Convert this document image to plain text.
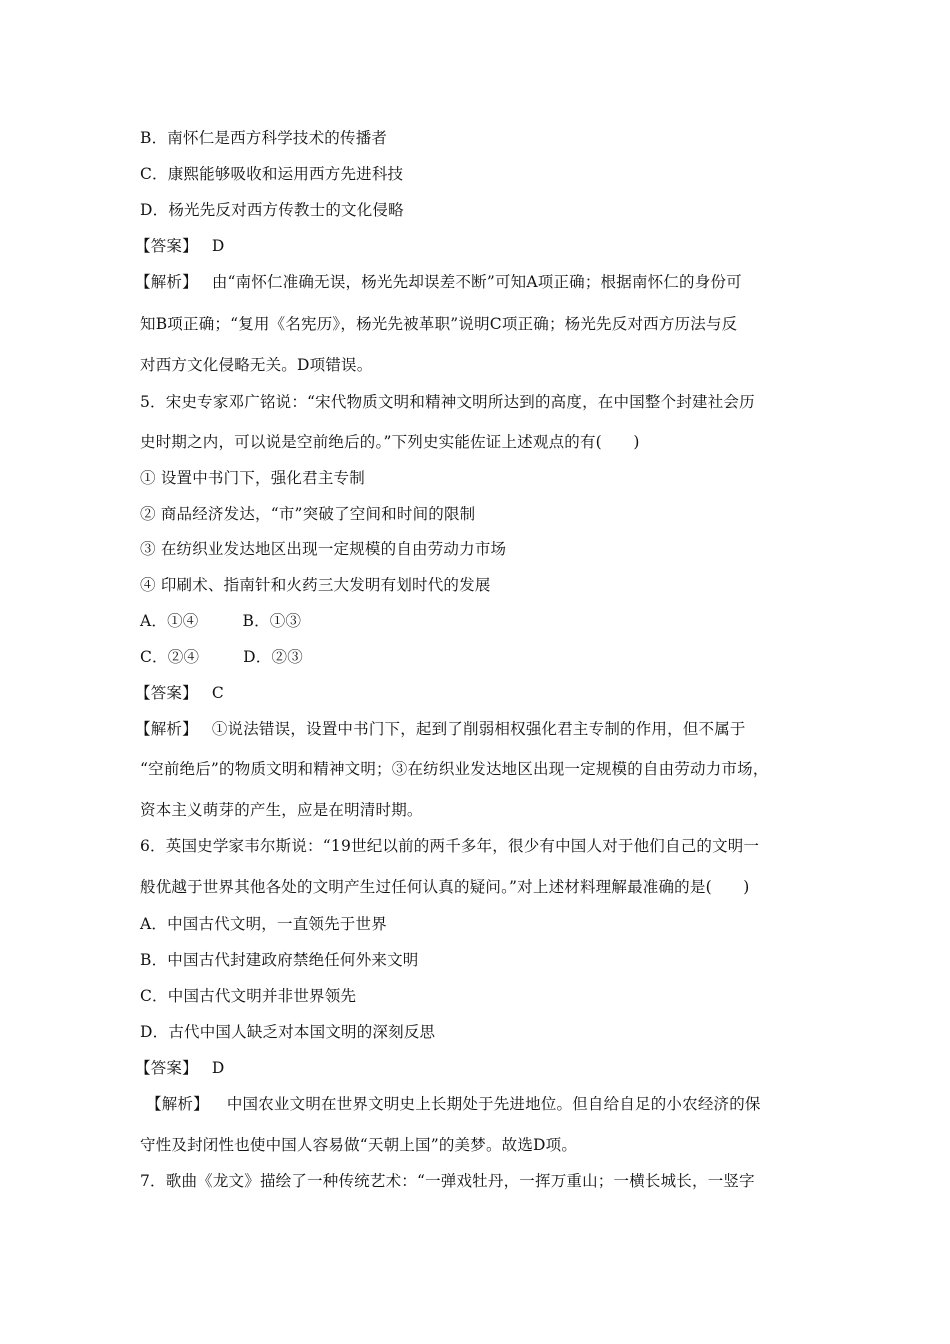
B．南怀仁是西方科学技术的传播者
C．康熙能够吸收和运用西方先进科技
D．杨光先反对西方传教士的文化侵略
【答案】 D
【解析】 由“南怀仁准确无误，杨光先却误差不断”可知A项正确；根据南怀仁的身份可
知B项正确；“复用《名宪历》，杨光先被革职”说明C项正确；杨光先反对西方历法与反
对西方文化侵略无关。D项错误。
5．宋史专家邓广铭说：“宋代物质文明和精神文明所达到的高度，在中国整个封建社会历
史时期之内，可以说是空前绝后的。”下列史实能佐证上述观点的有(　　)
① 设置中书门下，强化君主专制
② 商品经济发达，“市”突破了空间和时间的限制
③ 在纺织业发达地区出现一定规模的自由劳动力市场
④ 印刷术、指南针和火药三大发明有划时代的发展
A．①④	B．①③
C．②④	D．②③
【答案】 C
【解析】 ①说法错误，设置中书门下，起到了削弱相权强化君主专制的作用，但不属于
“空前绝后”的物质文明和精神文明；③在纺织业发达地区出现一定规模的自由劳动力市场，
资本主义萌芽的产生，应是在明清时期。
6．英国史学家韦尔斯说：“19世纪以前的两千多年，很少有中国人对于他们自己的文明一
般优越于世界其他各处的文明产生过任何认真的疑问。”对上述材料理解最准确的是(　　)
A．中国古代文明，一直领先于世界
B．中国古代封建政府禁绝任何外来文明
C．中国古代文明并非世界领先
D．古代中国人缺乏对本国文明的深刻反思
【答案】 D
【解析】 中国农业文明在世界文明史上长期处于先进地位。但自给自足的小农经济的保
守性及封闭性也使中国人容易做“天朝上国”的美梦。故选D项。
7．歌曲《龙文》描绘了一种传统艺术：“一弹戏牡丹，一挥万重山；一横长城长，一竖字
